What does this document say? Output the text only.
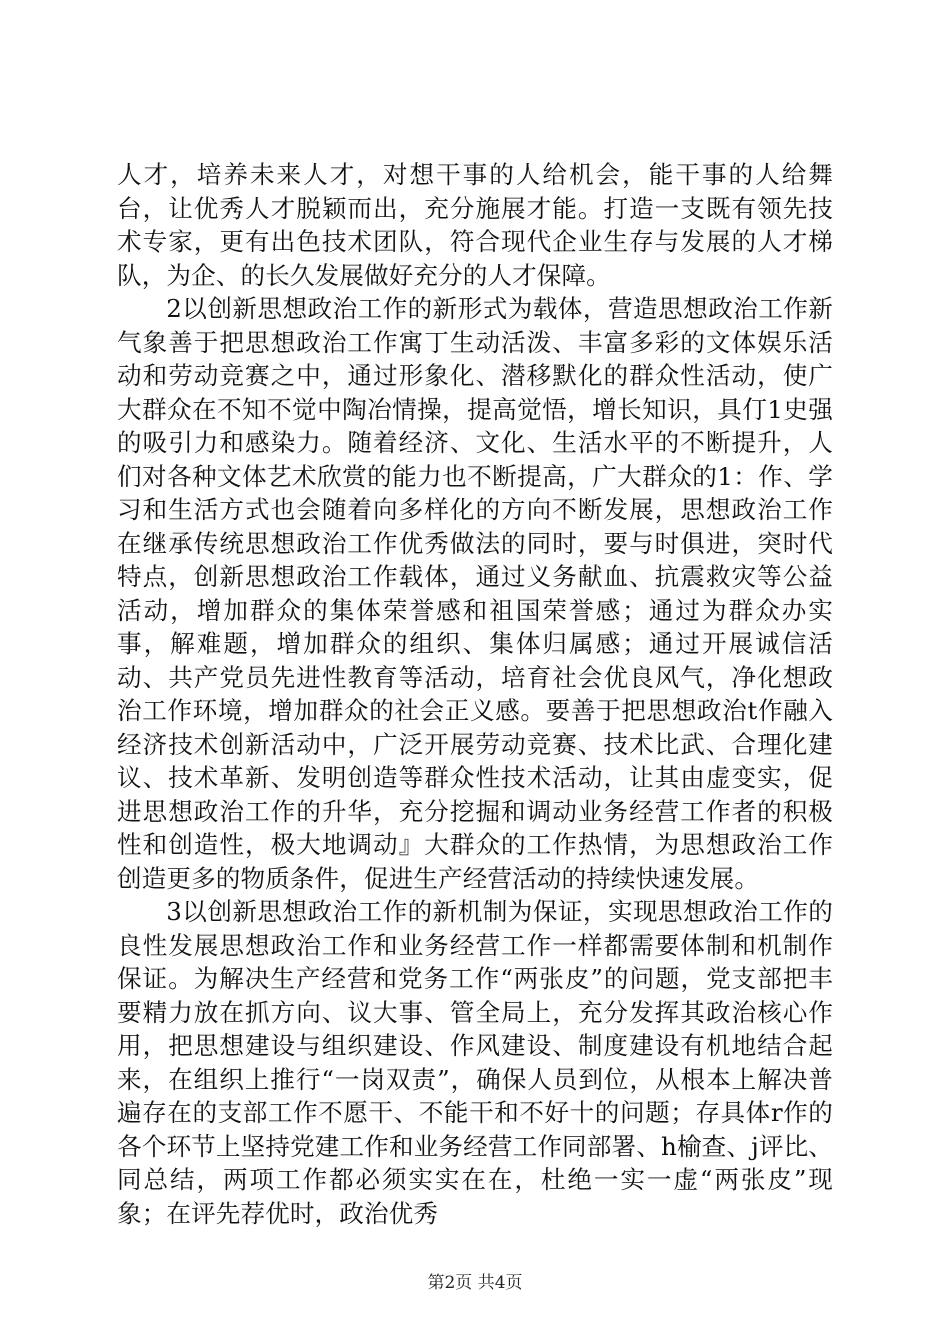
人才，培养未来人才，对想干事的人给机会，能干事的人给舞台，让优秀人才脱颖而出，充分施展才能。打造一支既有领先技术专家，更有出色技术团队，符合现代企业生存与发展的人才梯队，为企、的长久发展做好充分的人才保障。

2以创新思想政治工作的新形式为载体，营造思想政治工作新气象善于把思想政治工作寓丁生动活泼、丰富多彩的文体娱乐活动和劳动竞赛之中，通过形象化、潜移默化的群众性活动，使广大群众在不知不觉中陶冶情操，提高觉悟，增长知识，具仃1史强的吸引力和感染力。随着经济、文化、生活水平的不断提升，人们对各种文体艺术欣赏的能力也不断提高，广大群众的1：作、学习和生活方式也会随着向多样化的方向不断发展，思想政治工作在继承传统思想政治工作优秀做法的同时，要与时俱进，突时代特点，创新思想政治工作载体，通过义务献血、抗震救灾等公益活动，增加群众的集体荣誉感和祖国荣誉感；通过为群众办实事，解难题，增加群众的组织、集体归属感；通过开展诚信活动、共产党员先进性教育等活动，培育社会优良风气，净化想政治工作环境，增加群众的社会正义感。要善于把思想政治t作融入经济技术创新活动中，广泛开展劳动竞赛、技术比武、合理化建议、技术革新、发明创造等群众性技术活动，让其由虚变实，促进思想政治工作的升华，充分挖掘和调动业务经营工作者的积极性和创造性，极大地调动』大群众的工作热情，为思想政治工作创造更多的物质条件，促进生产经营活动的持续快速发展。

3以创新思想政治工作的新机制为保证，实现思想政治工作的良性发展思想政治工作和业务经营工作一样都需要体制和机制作保证。为解决生产经营和党务工作“两张皮”的问题，党支部把丰要精力放在抓方向、议大事、管全局上，充分发挥其政治核心作用，把思想建设与组织建设、作风建设、制度建设有机地结合起来，在组织上推行“一岗双责”，确保人员到位，从根本上解决普遍存在的支部工作不愿干、不能干和不好十的问题；存具体r作的各个环节上坚持党建工作和业务经营工作同部署、h榆查、j评比、同总结，两项工作都必须实实在在，杜绝一实一虚“两张皮”现象；在评先荐优时，政治优秀

第2页 共4页
